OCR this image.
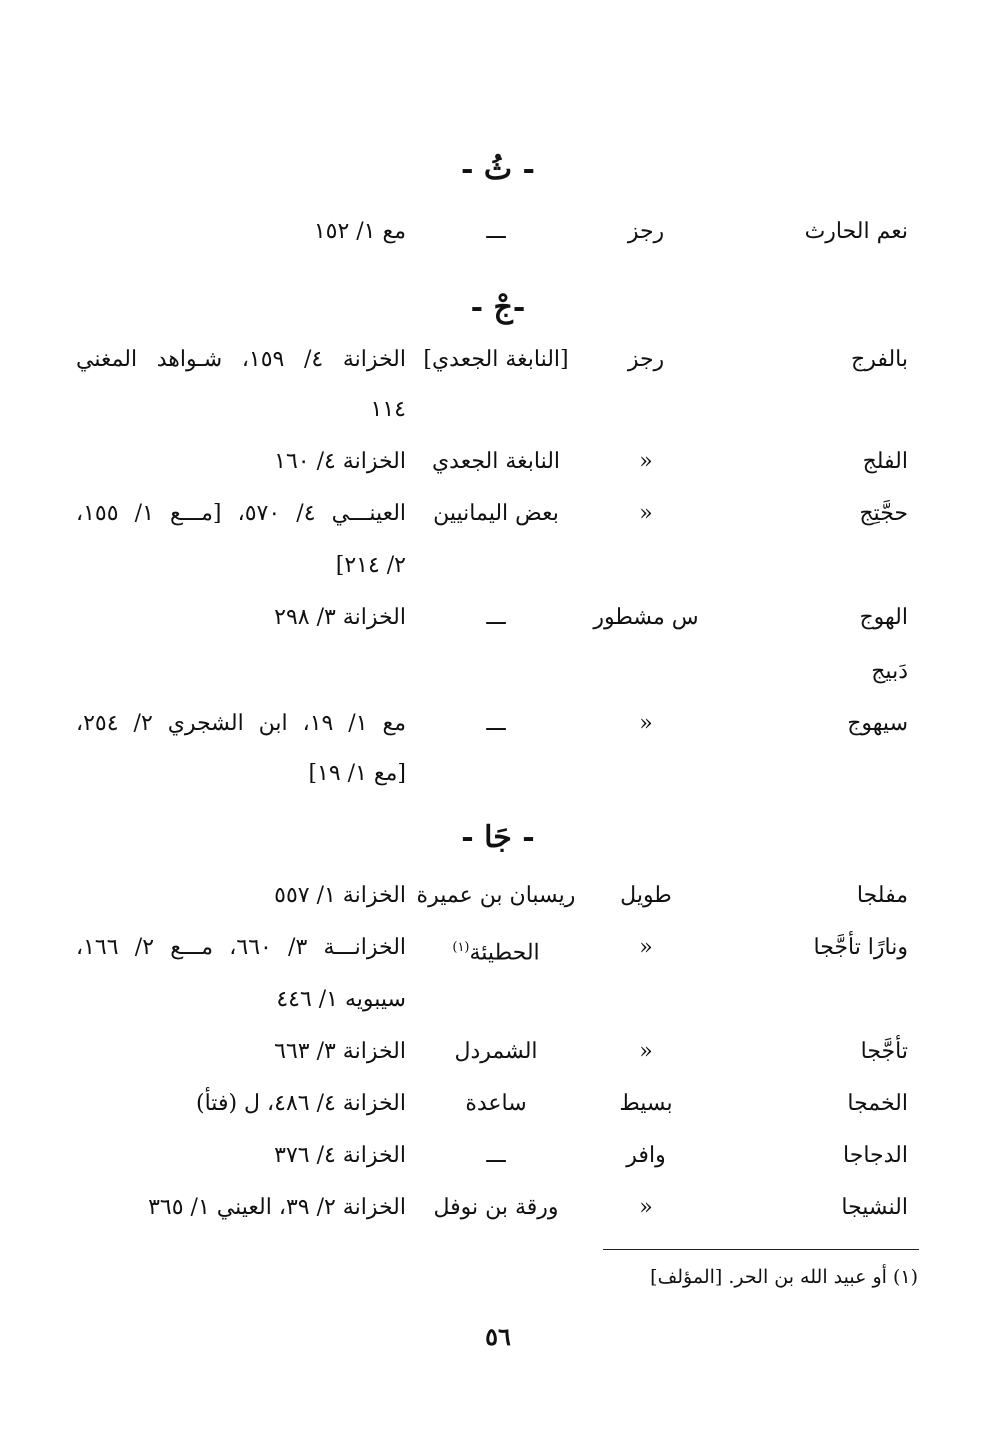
- ثُ -
نعم الحارث
رجز
ـــ
مع ١/ ١٥٢
-جْ -
بالفرج
رجز
[النابغة الجعدي]
الخزانة ٤/ ١٥٩، شـواهد المغني
١١٤
الفلج
«
النابغة الجعدي
الخزانة ٤/ ١٦٠
حجَّتِج
«
بعض اليمانيين
العينـــي ٤/ ٥٧٠، [مـــع ١/ ١٥٥،
٢/ ٢١٤]
الهوج
س مشطور
ـــ
الخزانة ٣/ ٢٩٨
دَبيج
سيهوج
«
ـــ
مع ١/ ١٩، ابن الشجري ٢/ ٢٥٤،
[مع ١/ ١٩]
- جَا -
مفلجا
طويل
ريسبان بن عميرة
الخزانة ١/ ٥٥٧
ونارًا تأجَّجا
«
الحطيئة$^{(١)}$
الخزانـــة ٣/ ٦٦٠، مـــع ٢/ ١٦٦،
سيبويه ١/ ٤٤٦
تأجَّجا
«
الشمردل
الخزانة ٣/ ٦٦٣
الخمجا
بسيط
ساعدة
الخزانة ٤/ ٤٨٦، ل (فتأ)
الدجاجا
وافر
ـــ
الخزانة ٤/ ٣٧٦
النشيجا
«
ورقة بن نوفل
الخزانة ٢/ ٣٩، العيني ١/ ٣٦٥
(١) أو عبيد الله بن الحر. [المؤلف]
٥٦
